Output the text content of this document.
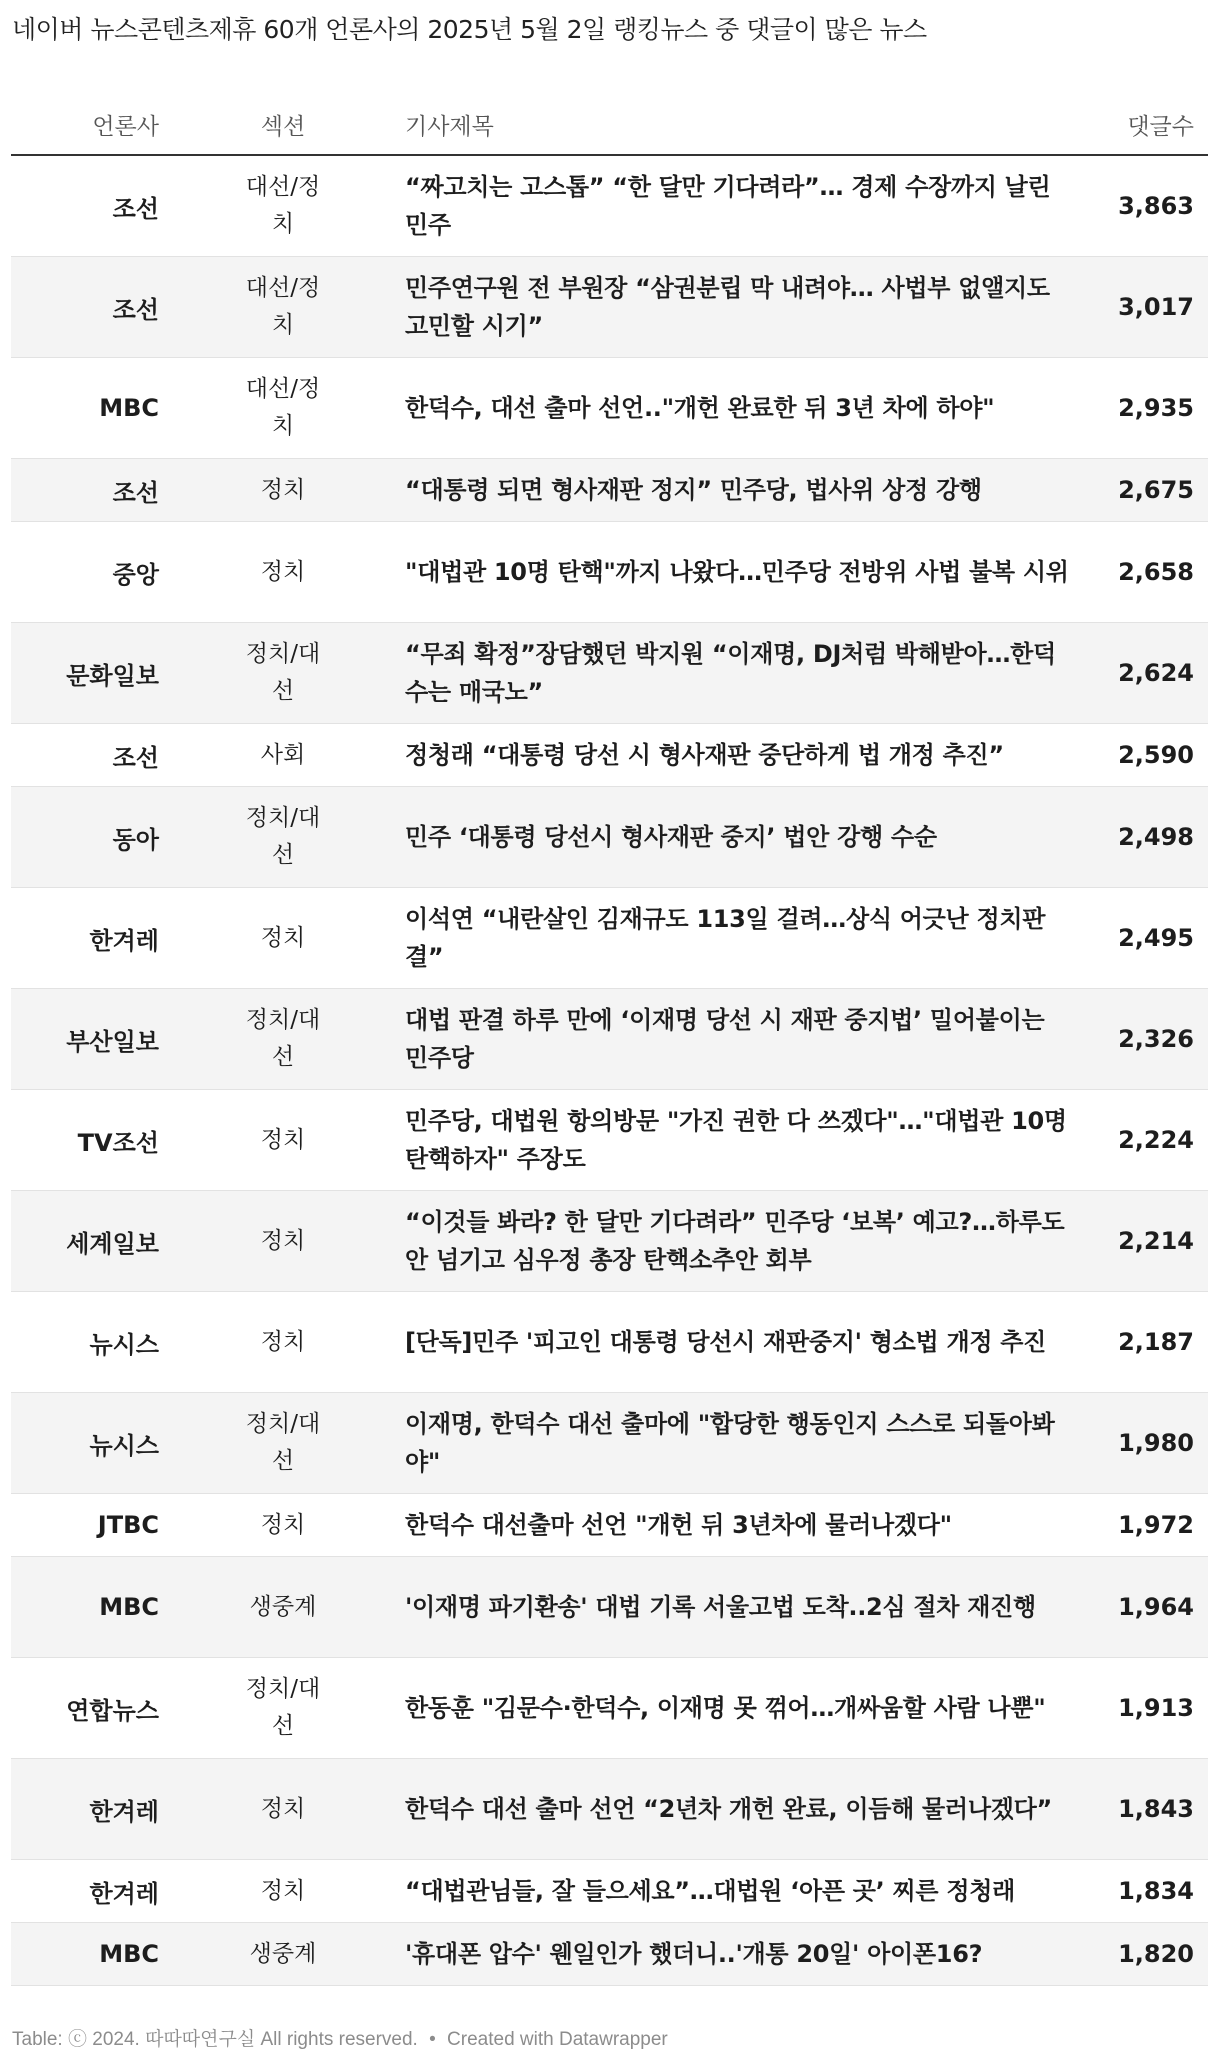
네이버 뉴스콘텐츠제휴 60개 언론사의 2025년 5월 2일 랭킹뉴스 중 댓글이 많은 뉴스
언론사	섹션	기사제목	댓글수
조선	대선/정치	“짜고치는 고스톱” “한 달만 기다려라”… 경제 수장까지 날린 민주	3,863
조선	대선/정치	민주연구원 전 부원장 “삼권분립 막 내려야… 사법부 없앨지도 고민할 시기”	3,017
MBC	대선/정치	한덕수, 대선 출마 선언.."개헌 완료한 뒤 3년 차에 하야"	2,935
조선	정치	“대통령 되면 형사재판 정지” 민주당, 법사위 상정 강행	2,675
중앙	정치	"대법관 10명 탄핵"까지 나왔다…민주당 전방위 사법 불복 시위	2,658
문화일보	정치/대선	“무죄 확정”장담했던 박지원 “이재명, DJ처럼 박해받아…한덕수는 매국노”	2,624
조선	사회	정청래 “대통령 당선 시 형사재판 중단하게 법 개정 추진”	2,590
동아	정치/대선	민주 ‘대통령 당선시 형사재판 중지’ 법안 강행 수순	2,498
한겨레	정치	이석연 “내란살인 김재규도 113일 걸려…상식 어긋난 정치판결”	2,495
부산일보	정치/대선	대법 판결 하루 만에 ‘이재명 당선 시 재판 중지법’ 밀어붙이는 민주당	2,326
TV조선	정치	민주당, 대법원 항의방문 "가진 권한 다 쓰겠다"…"대법관 10명 탄핵하자" 주장도	2,224
세계일보	정치	“이것들 봐라? 한 달만 기다려라” 민주당 ‘보복’ 예고?…하루도 안 넘기고 심우정 총장 탄핵소추안 회부	2,214
뉴시스	정치	[단독]민주 '피고인 대통령 당선시 재판중지' 형소법 개정 추진	2,187
뉴시스	정치/대선	이재명, 한덕수 대선 출마에 "합당한 행동인지 스스로 되돌아봐야"	1,980
JTBC	정치	한덕수 대선출마 선언 "개헌 뒤 3년차에 물러나겠다"	1,972
MBC	생중계	'이재명 파기환송' 대법 기록 서울고법 도착..2심 절차 재진행	1,964
연합뉴스	정치/대선	한동훈 "김문수·한덕수, 이재명 못 꺾어…개싸움할 사람 나뿐"	1,913
한겨레	정치	한덕수 대선 출마 선언 “2년차 개헌 완료, 이듬해 물러나겠다”	1,843
한겨레	정치	“대법관님들, 잘 들으세요”…대법원 ‘아픈 곳’ 찌른 정청래	1,834
MBC	생중계	'휴대폰 압수' 웬일인가 했더니..'개통 20일' 아이폰16?	1,820
Table: ⓒ 2024. 따따따연구실 All rights reserved. • Created with Datawrapper
